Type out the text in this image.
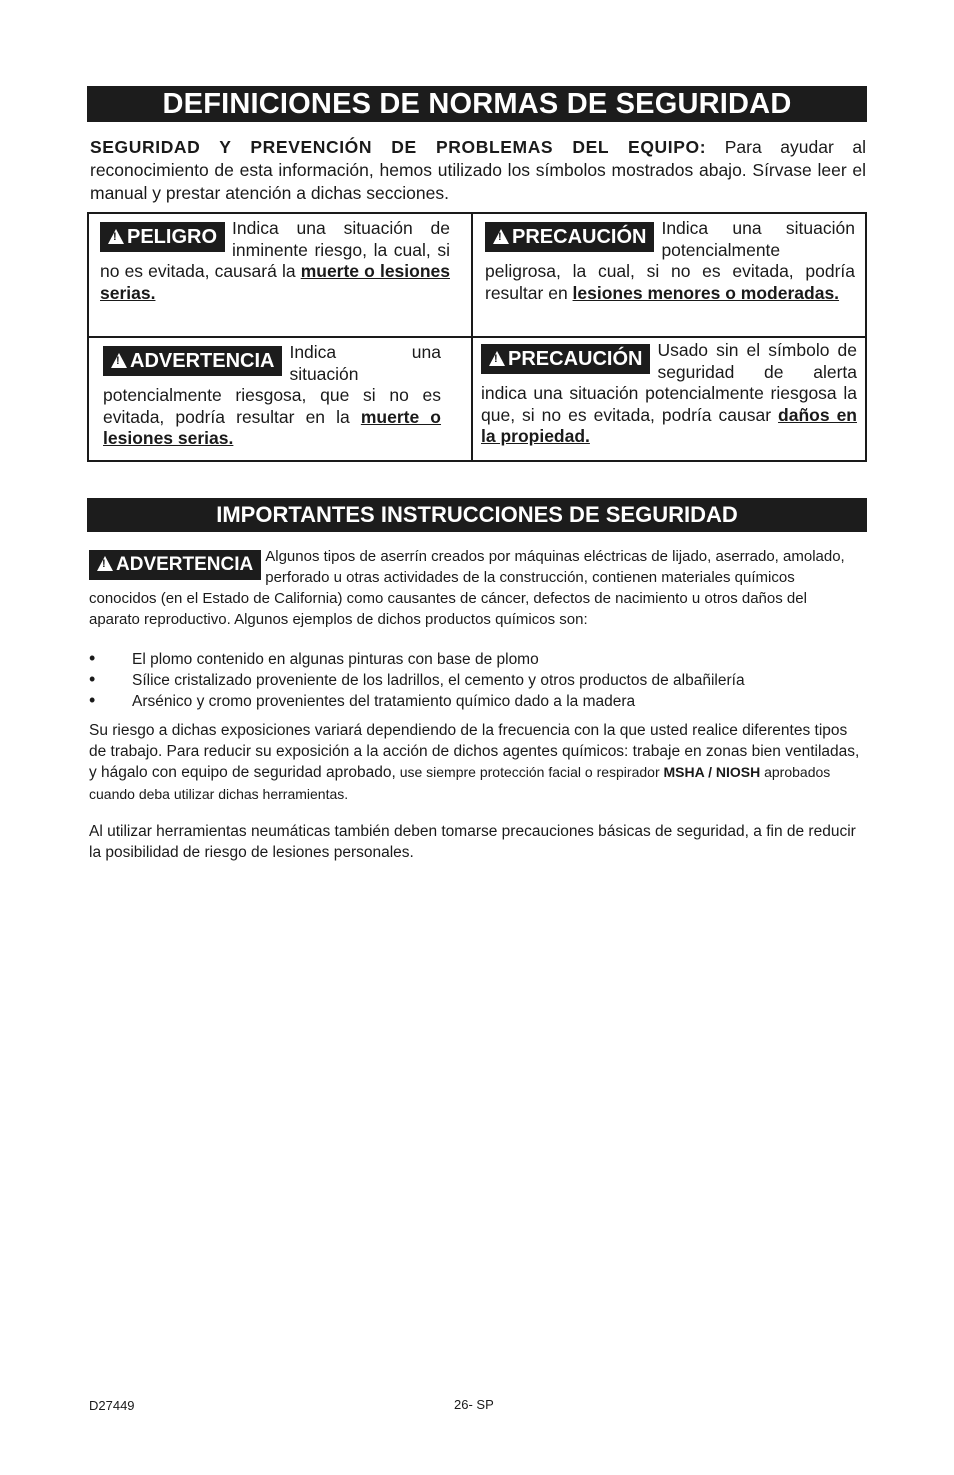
DEFINICIONES DE NORMAS DE SEGURIDAD

SEGURIDAD Y PREVENCIÓN DE PROBLEMAS DEL EQUIPO: Para ayudar al reconocimiento de esta información, hemos utilizado los símbolos mostrados abajo. Sírvase leer el manual y prestar atención a dichas secciones.

!PELIGRO Indica una situación de inminente riesgo, la cual, si no es evitada, causará la muerte o lesiones serias.
!PRECAUCIÓN Indica una situación potencialmente peligrosa, la cual, si no es evitada, podría resultar en lesiones menores o moderadas.
!ADVERTENCIA Indica una situación potencialmente riesgosa, que si no es evitada, podría resultar en la muerte o lesiones serias.
!PRECAUCIÓN Usado sin el símbolo de seguridad de alerta indica una situación potencialmente riesgosa la que, si no es evitada, podría causar daños en la propiedad.
IMPORTANTES INSTRUCCIONES DE SEGURIDAD

!ADVERTENCIA Algunos tipos de aserrín creados por máquinas eléctricas de lijado, aserrado, amolado, perforado u otras actividades de la construcción, contienen materiales químicos conocidos (en el Estado de California) como causantes de cáncer, defectos de nacimiento u otros daños del aparato reproductivo. Algunos ejemplos de dichos productos químicos son:

• El plomo contenido en algunas pinturas con base de plomo
• Sílice cristalizado proveniente de los ladrillos, el cemento y otros productos de albañilería
• Arsénico y cromo provenientes del tratamiento químico dado a la madera

Su riesgo a dichas exposiciones variará dependiendo de la frecuencia con la que usted realice diferentes tipos de trabajo. Para reducir su exposición a la acción de dichos agentes químicos: trabaje en zonas bien ventiladas, y hágalo con equipo de seguridad aprobado, use siempre protección facial o respirador MSHA / NIOSH aprobados cuando deba utilizar dichas herramientas.

Al utilizar herramientas neumáticas también deben tomarse precauciones básicas de seguridad, a fin de reducir la posibilidad de riesgo de lesiones personales.

D27449	26- SP
